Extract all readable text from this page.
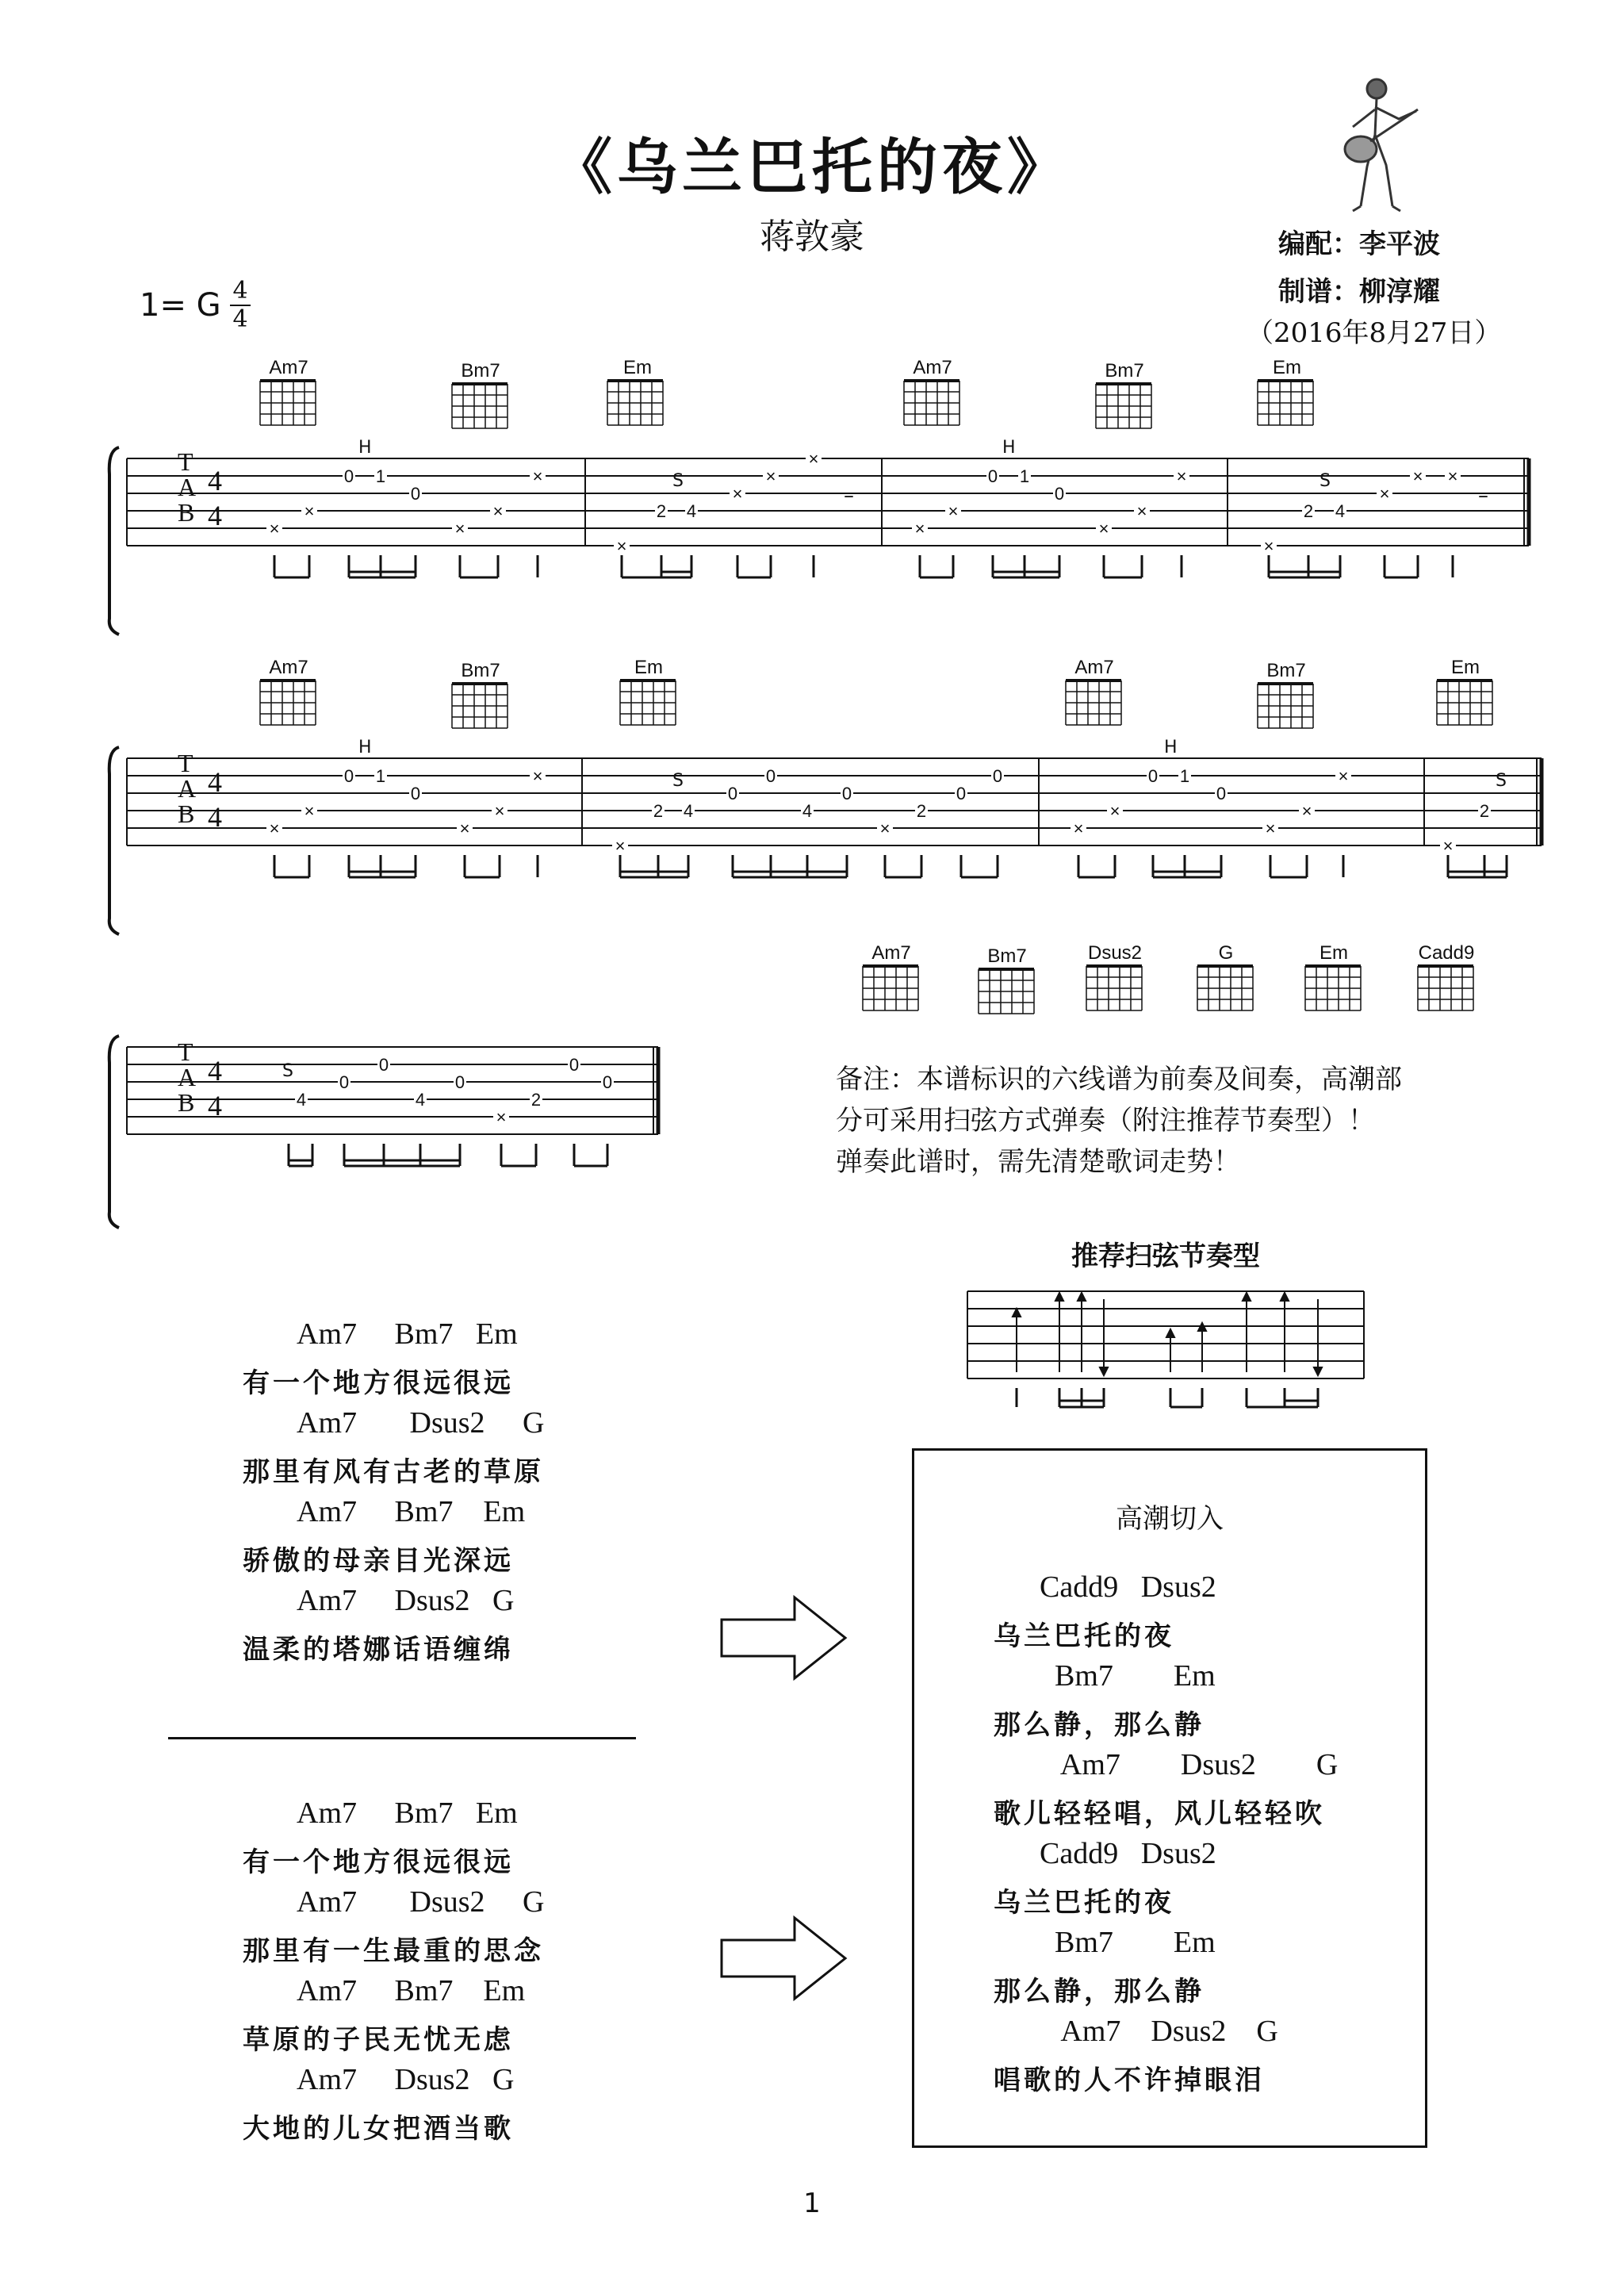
《乌兰巴托的夜》
蒋敦豪	编配：李平波
制谱：柳淳耀
（2016年8月27日）
1= G 4
4
Am7	Bm7	Em	Am7	Bm7	Em
Am7	Bm7	Em	Am7	Bm7	Em
Am7	Bm7	Dsus2	G	Em	Cadd9
T
A
B
4
4
T
A
B
4
4
T
A
B
4
4
H
S
H
S
–	–
H
S
H
S
S
×
×
0 1
0
×
×
×
×
2 4
×
×
×
×
×
0 1
0
×
×
×
×
2 4
×
× ×
×
×
0 1
0
×
×
×
×
2 4
0
0
4
0
×
2
0
0
×
×
0 1
0
×
×
×
×
2
4
0
0
4
0
×
2
0
0	备注：本谱标识的六线谱为前奏及间奏，高潮部

分可采用扫弦方式弹奏（附注推荐节奏型）！

弹奏此谱时，需先清楚歌词走势！

推荐扫弦节奏型
Am7     Bm7   Em
有一个地方很远很远
Am7       Dsus2     G
那里有风有古老的草原
Am7     Bm7    Em
骄傲的母亲目光深远
Am7     Dsus2   G
温柔的塔娜话语缠绵
Am7     Bm7   Em
有一个地方很远很远
Am7       Dsus2     G
那里有一生最重的思念
Am7     Bm7    Em
草原的子民无忧无虑
Am7     Dsus2   G
大地的儿女把酒当歌
高潮切入
Cadd9   Dsus2
乌兰巴托的夜
Bm7        Em
那么静，那么静
Am7        Dsus2        G
歌儿轻轻唱，风儿轻轻吹
Cadd9   Dsus2
乌兰巴托的夜
Bm7        Em
那么静，那么静
Am7    Dsus2    G
唱歌的人不许掉眼泪
1
